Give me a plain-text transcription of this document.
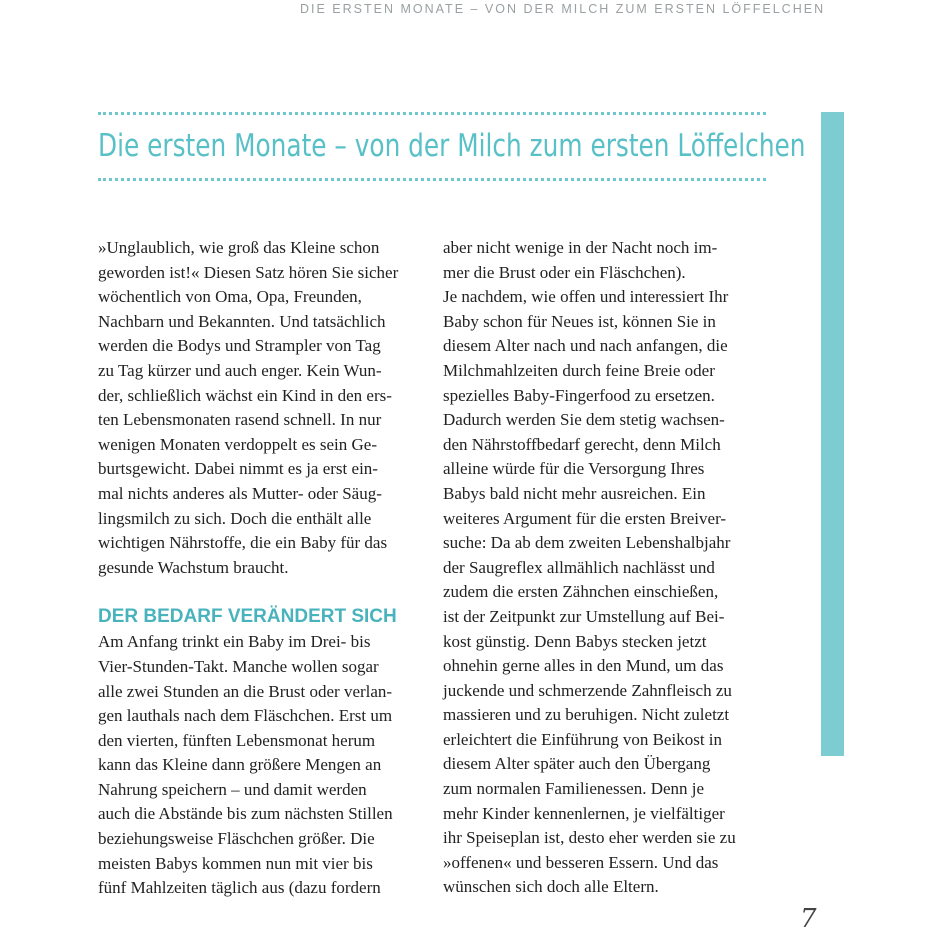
DIE ERSTEN MONATE – VON DER MILCH ZUM ERSTEN LÖFFELCHEN
Die ersten Monate – von der Milch zum ersten Löffelchen

»Unglaublich, wie groß das Kleine schon
geworden ist!« Diesen Satz hören Sie sicher
wöchentlich von Oma, Opa, Freunden,
Nachbarn und Bekannten. Und tatsächlich
werden die Bodys und Strampler von Tag
zu Tag kürzer und auch enger. Kein Wun-
der, schließlich wächst ein Kind in den ers-
ten Lebensmonaten rasend schnell. In nur
wenigen Monaten verdoppelt es sein Ge-
burtsgewicht. Dabei nimmt es ja erst ein-
mal nichts anderes als Mutter- oder Säug-
lingsmilch zu sich. Doch die enthält alle
wichtigen Nährstoffe, die ein Baby für das
gesunde Wachstum braucht.

DER BEDARF VERÄNDERT SICH

Am Anfang trinkt ein Baby im Drei- bis
Vier-Stunden-Takt. Manche wollen sogar
alle zwei Stunden an die Brust oder verlan-
gen lauthals nach dem Fläschchen. Erst um
den vierten, fünften Lebensmonat herum
kann das Kleine dann größere Mengen an
Nahrung speichern – und damit werden
auch die Abstände bis zum nächsten Stillen
beziehungsweise Fläschchen größer. Die
meisten Babys kommen nun mit vier bis
fünf Mahlzeiten täglich aus (dazu fordern

aber nicht wenige in der Nacht noch im-
mer die Brust oder ein Fläschchen).

Je nachdem, wie offen und interessiert Ihr
Baby schon für Neues ist, können Sie in
diesem Alter nach und nach anfangen, die
Milchmahlzeiten durch feine Breie oder
spezielles Baby-Fingerfood zu ersetzen.
Dadurch werden Sie dem stetig wachsen-
den Nährstoffbedarf gerecht, denn Milch
alleine würde für die Versorgung Ihres
Babys bald nicht mehr ausreichen. Ein
weiteres Argument für die ersten Breiver-
suche: Da ab dem zweiten Lebenshalbjahr
der Saugreflex allmählich nachlässt und
zudem die ersten Zähnchen einschießen,
ist der Zeitpunkt zur Umstellung auf Bei-
kost günstig. Denn Babys stecken jetzt
ohnehin gerne alles in den Mund, um das
juckende und schmerzende Zahnfleisch zu
massieren und zu beruhigen. Nicht zuletzt
erleichtert die Einführung von Beikost in
diesem Alter später auch den Übergang
zum normalen Familienessen. Denn je
mehr Kinder kennenlernen, je vielfältiger
ihr Speiseplan ist, desto eher werden sie zu
»offenen« und besseren Essern. Und das
wünschen sich doch alle Eltern.

7
